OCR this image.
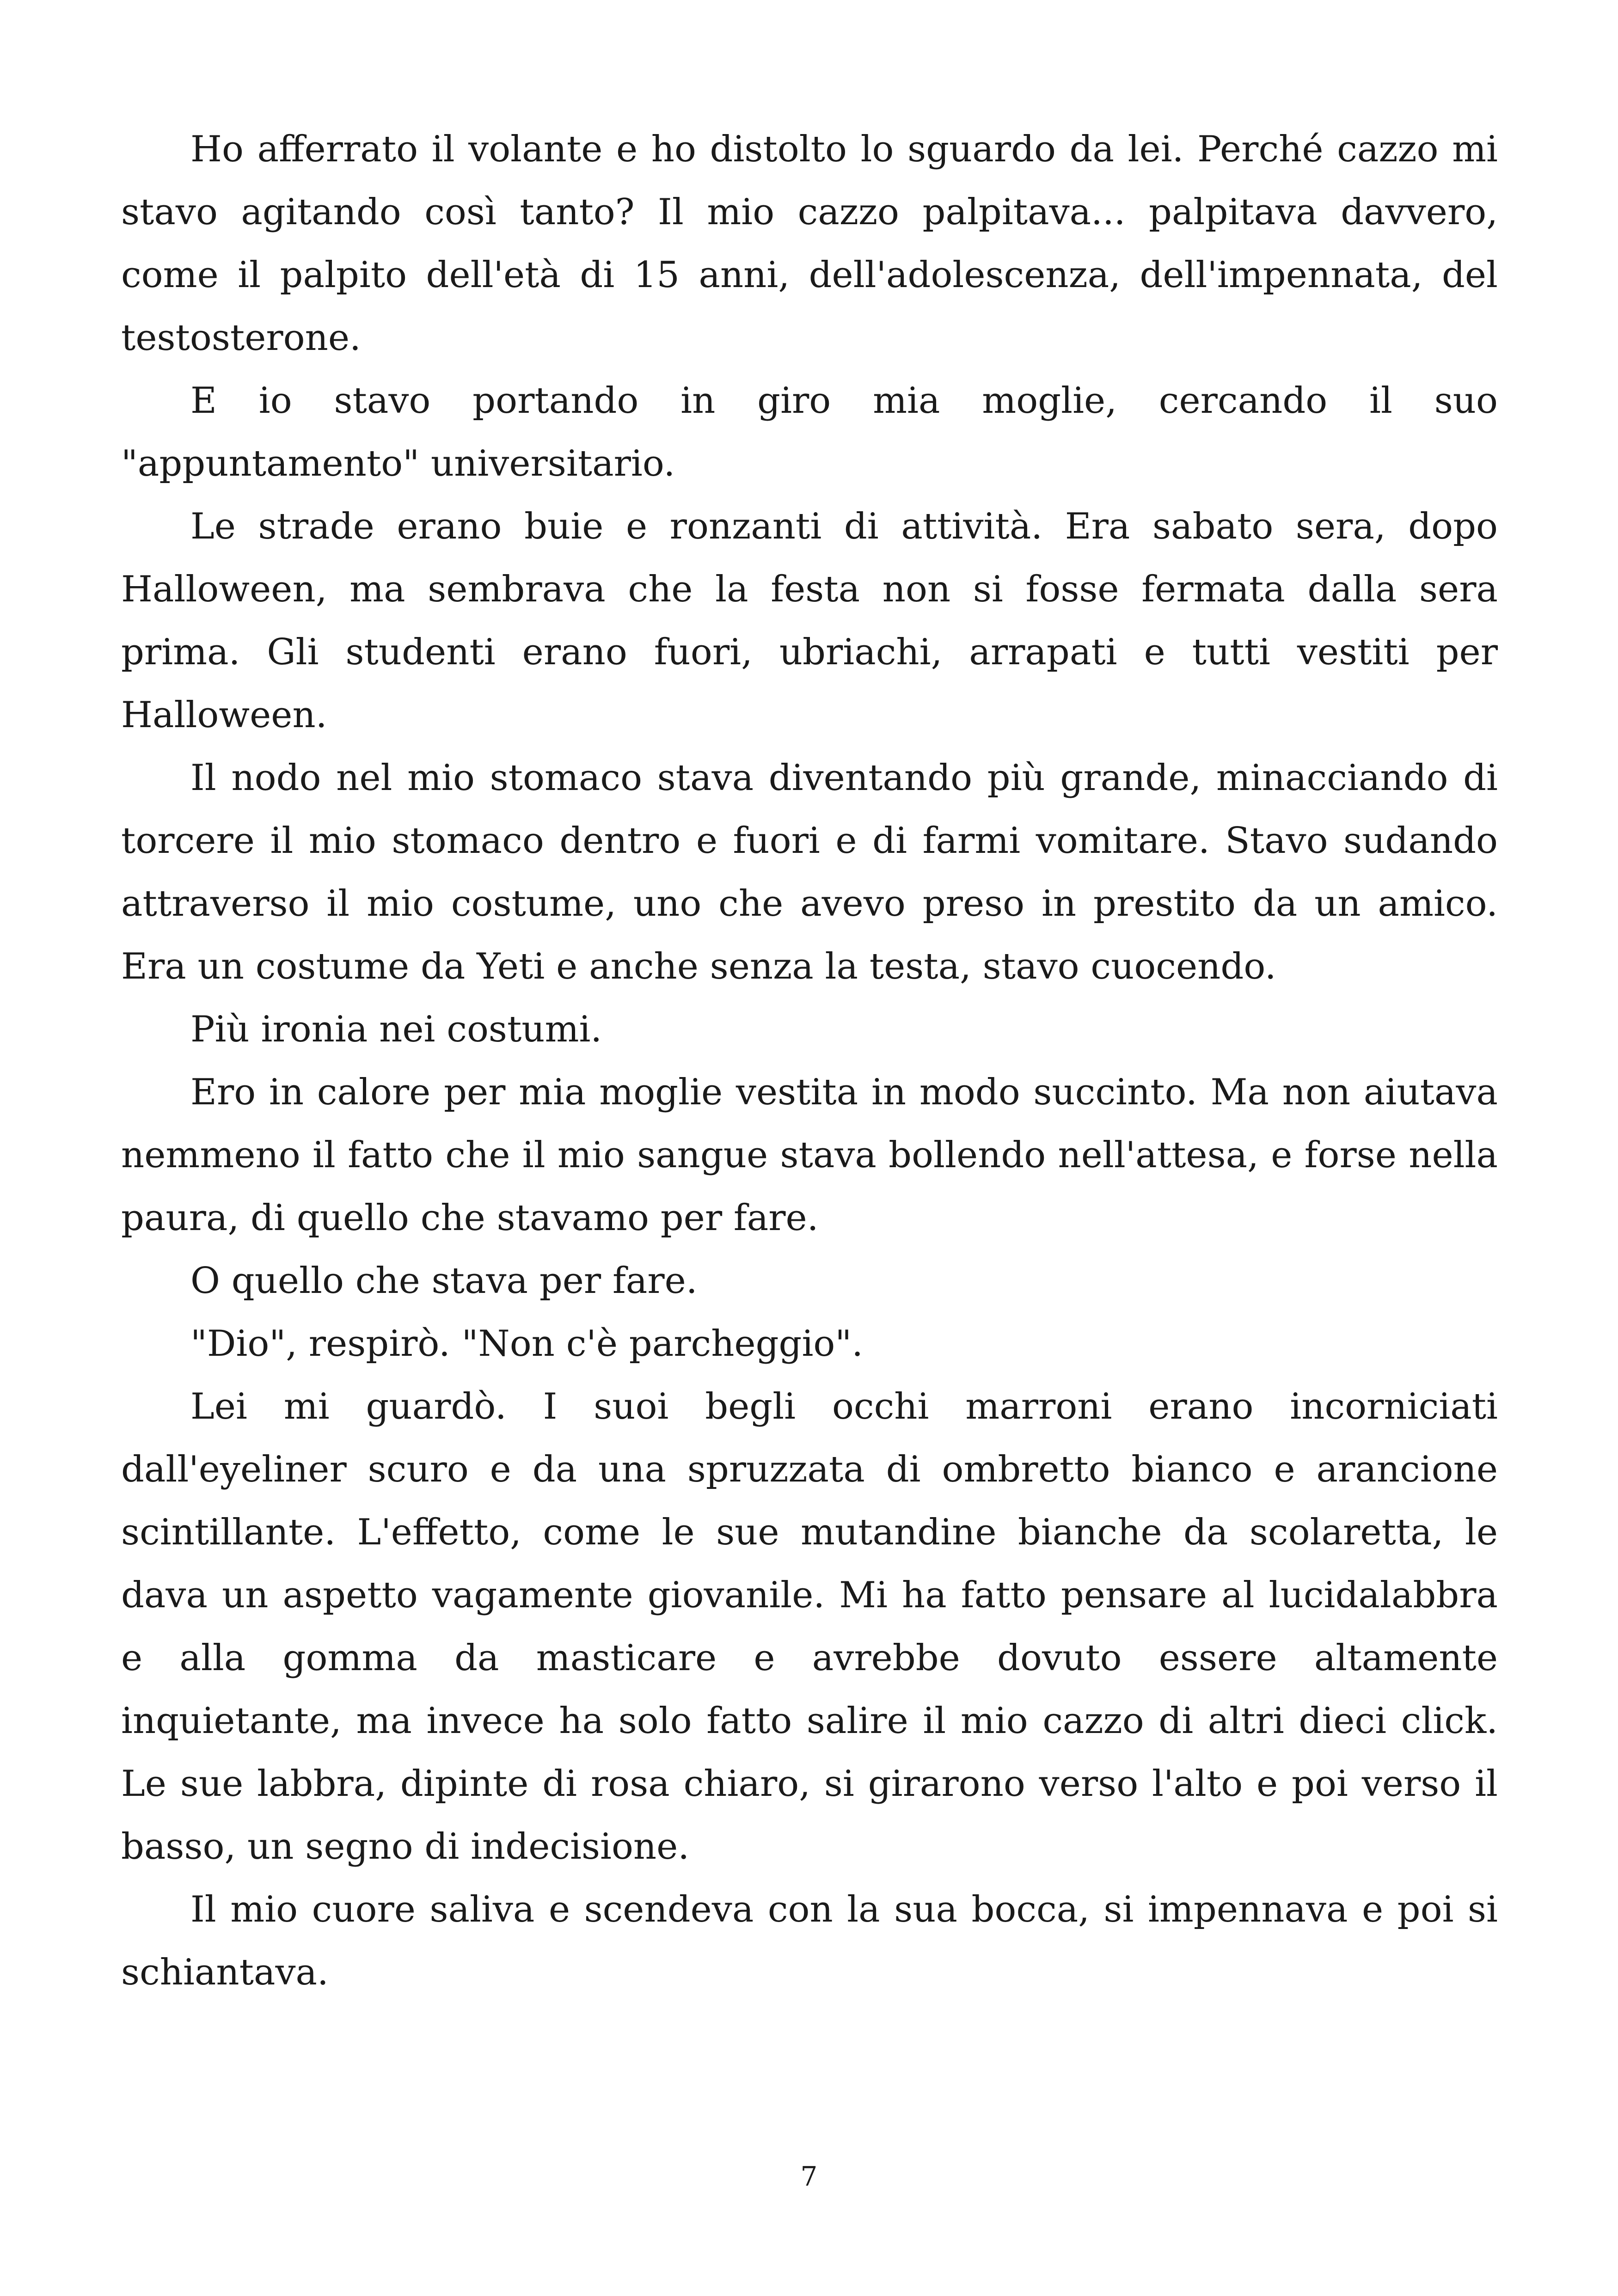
Ho afferrato il volante e ho distolto lo sguardo da lei. Perché cazzo mi stavo agitando così tanto? Il mio cazzo palpitava... palpitava davvero, come il palpito dell'età di 15 anni, dell'adolescenza, dell'impennata, del testosterone.

E io stavo portando in giro mia moglie, cercando il suo "appuntamento" universitario.

Le strade erano buie e ronzanti di attività. Era sabato sera, dopo Halloween, ma sembrava che la festa non si fosse fermata dalla sera prima. Gli studenti erano fuori, ubriachi, arrapati e tutti vestiti per Halloween.

Il nodo nel mio stomaco stava diventando più grande, minacciando di torcere il mio stomaco dentro e fuori e di farmi vomitare. Stavo sudando attraverso il mio costume, uno che avevo preso in prestito da un amico. Era un costume da Yeti e anche senza la testa, stavo cuocendo.

Più ironia nei costumi.

Ero in calore per mia moglie vestita in modo succinto. Ma non aiutava nemmeno il fatto che il mio sangue stava bollendo nell'attesa, e forse nella paura, di quello che stavamo per fare.

O quello che stava per fare.

"Dio", respirò. "Non c'è parcheggio".

Lei mi guardò. I suoi begli occhi marroni erano incorniciati dall'eyeliner scuro e da una spruzzata di ombretto bianco e arancione scintillante. L'effetto, come le sue mutandine bianche da scolaretta, le dava un aspetto vagamente giovanile. Mi ha fatto pensare al lucidalabbra e alla gomma da masticare e avrebbe dovuto essere altamente inquietante, ma invece ha solo fatto salire il mio cazzo di altri dieci click. Le sue labbra, dipinte di rosa chiaro, si girarono verso l'alto e poi verso il basso, un segno di indecisione.

Il mio cuore saliva e scendeva con la sua bocca, si impennava e poi si schiantava.

7
